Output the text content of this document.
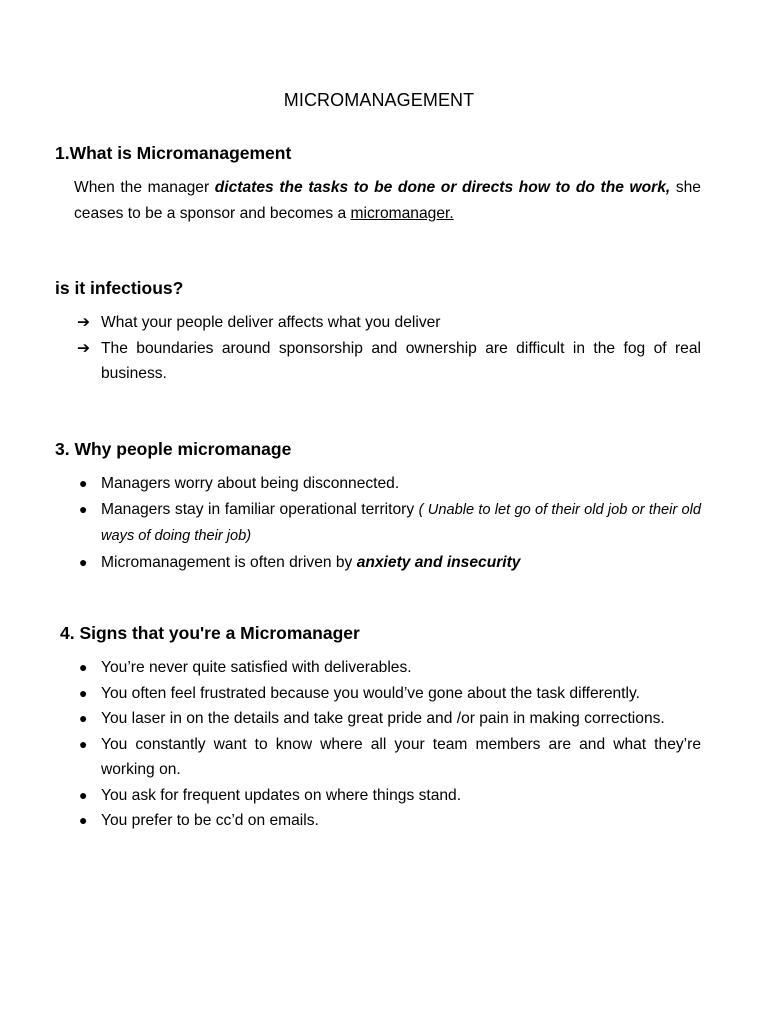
MICROMANAGEMENT
1.What is Micromanagement

When the manager dictates the tasks to be done or directs how to do the work, she ceases to be a sponsor and becomes a micromanager.

is it infectious?
➔ What your people deliver affects what you deliver
➔ The boundaries around sponsorship and ownership are difficult in the fog of real business.
3. Why people micromanage
● Managers worry about being disconnected.
● Managers stay in familiar operational territory ( Unable to let go of their old job or their old ways of doing their job)
● Micromanagement is often driven by anxiety and insecurity
4. Signs that you're a Micromanager
● You’re never quite satisfied with deliverables.
● You often feel frustrated because you would’ve gone about the task differently.
● You laser in on the details and take great pride and /or pain in making corrections.
● You constantly want to know where all your team members are and what they’re working on.
● You ask for frequent updates on where things stand.
● You prefer to be cc’d on emails.
